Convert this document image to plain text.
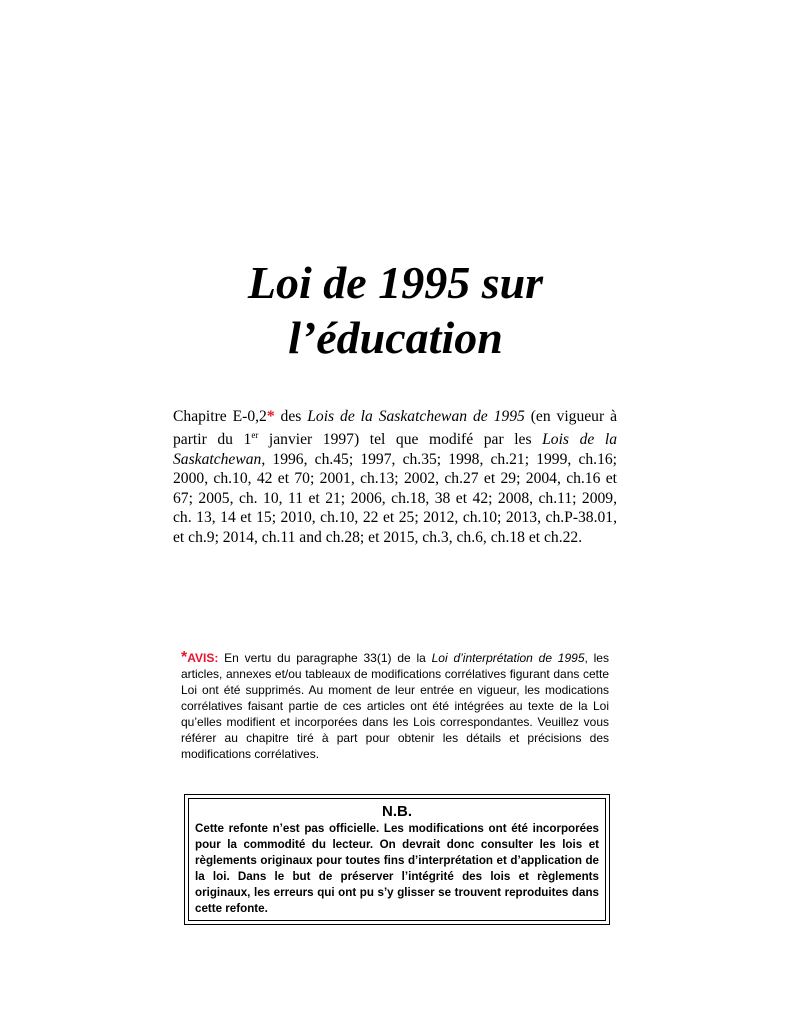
Loi de 1995 sur
l’éducation

Chapitre E-0,2* des Lois de la Saskatchewan de 1995 (en vigueur à partir du 1er janvier 1997) tel que modifé par les Lois de la Saskatchewan, 1996, ch.45; 1997, ch.35; 1998, ch.21; 1999, ch.16; 2000, ch.10, 42 et 70; 2001, ch.13; 2002, ch.27 et 29; 2004, ch.16 et 67; 2005, ch. 10, 11 et 21; 2006, ch.18, 38 et 42; 2008, ch.11; 2009, ch. 13, 14 et 15; 2010, ch.10, 22 et 25; 2012, ch.10; 2013, ch.P-38.01, et ch.9; 2014, ch.11 and ch.28; et 2015, ch.3, ch.6, ch.18 et ch.22.

*AVIS: En vertu du paragraphe 33(1) de la Loi d’interprétation de 1995, les articles, annexes et/ou tableaux de modifications corrélatives figurant dans cette Loi ont été supprimés. Au moment de leur entrée en vigueur, les modications corrélatives faisant partie de ces articles ont été intégrées au texte de la Loi qu’elles modifient et incorporées dans les Lois correspondantes. Veuillez vous référer au chapitre tiré à part pour obtenir les détails et précisions des modifications corrélatives.

N.B.

Cette refonte n’est pas officielle. Les modifications ont été incorporées pour la commodité du lecteur. On devrait donc consulter les lois et règlements originaux pour toutes fins d’interprétation et d’application de la loi. Dans le but de préserver l’intégrité des lois et règlements originaux, les erreurs qui ont pu s’y glisser se trouvent reproduites dans cette refonte.
